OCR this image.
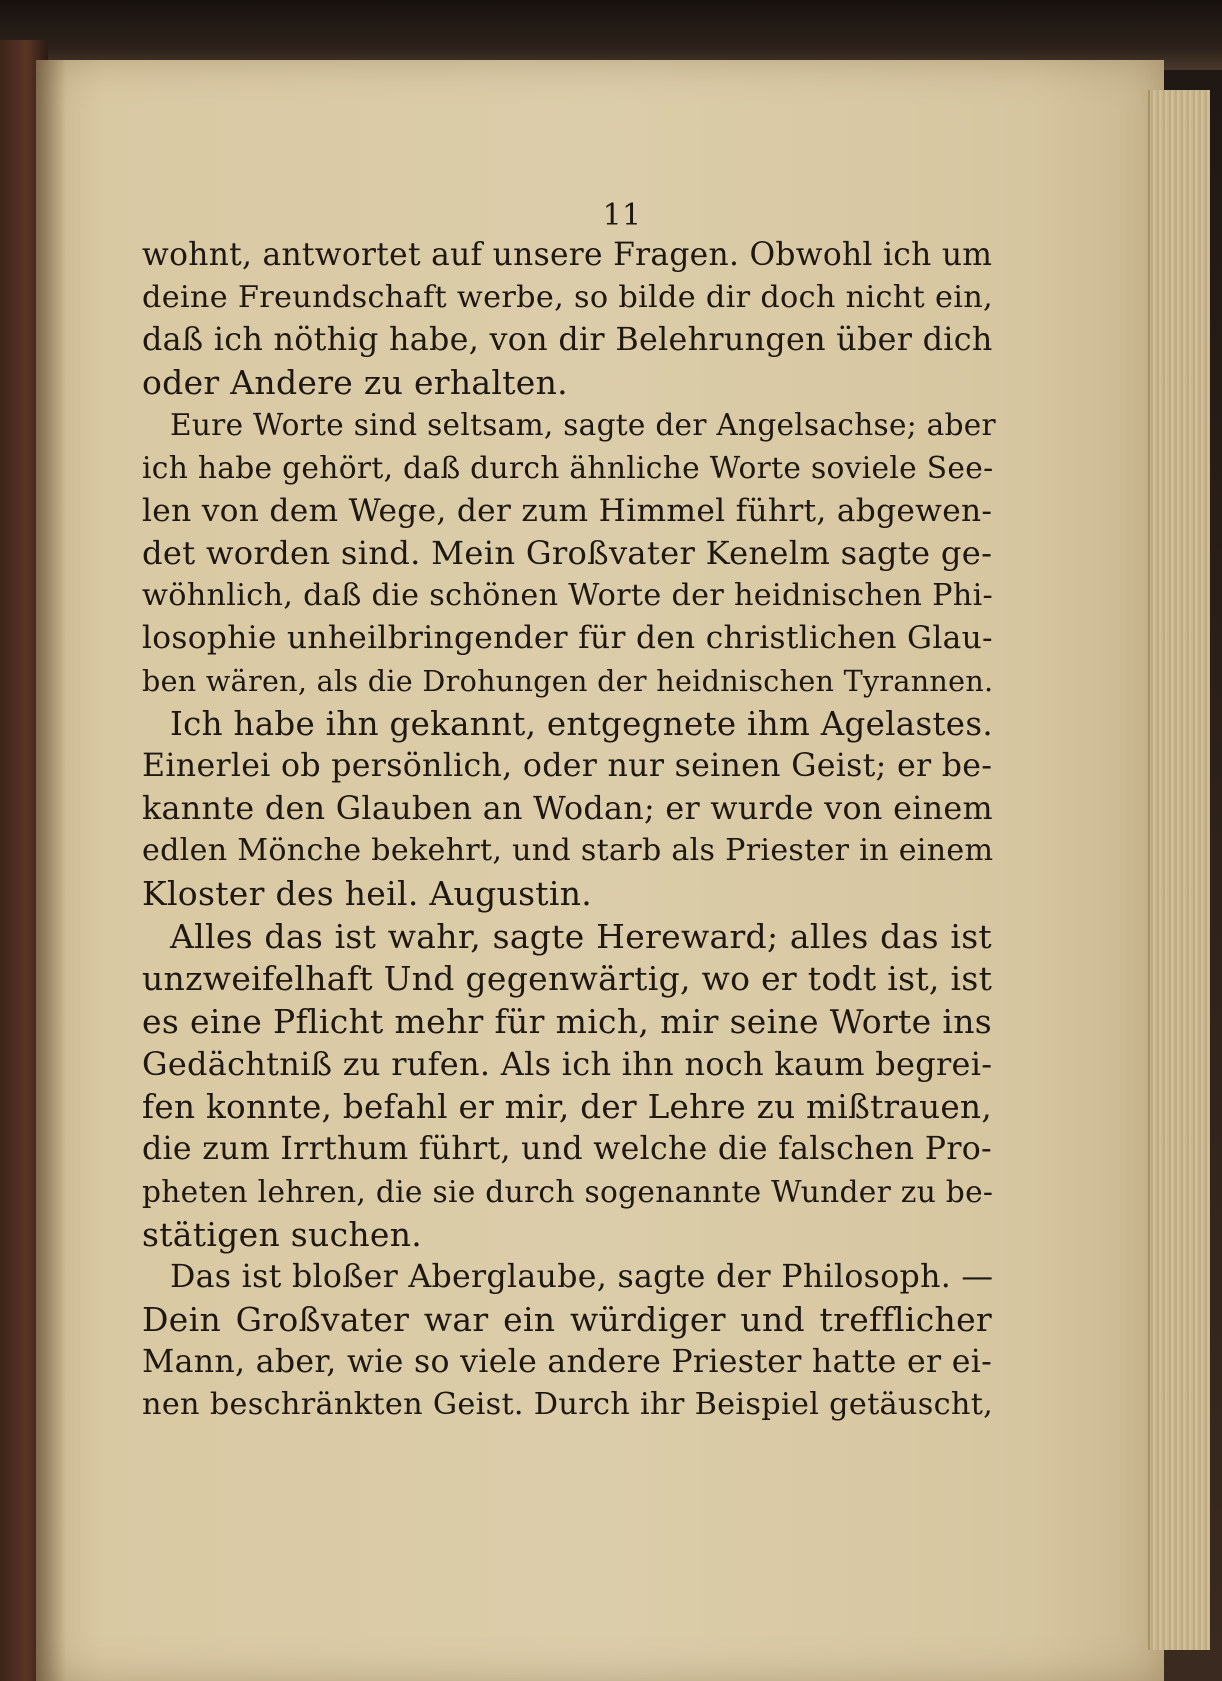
11
wohnt, antwortet auf unsere Fragen. Obwohl ich um
deine Freundschaft werbe, so bilde dir doch nicht ein,
daß ich nöthig habe, von dir Belehrungen über dich
oder Andere zu erhalten.
Eure Worte sind seltsam, sagte der Angelsachse; aber
ich habe gehört, daß durch ähnliche Worte soviele See-
len von dem Wege, der zum Himmel führt, abgewen-
det worden sind. Mein Großvater Kenelm sagte ge-
wöhnlich, daß die schönen Worte der heidnischen Phi-
losophie unheilbringender für den christlichen Glau-
ben wären, als die Drohungen der heidnischen Tyrannen.
Ich habe ihn gekannt, entgegnete ihm Agelastes.
Einerlei ob persönlich, oder nur seinen Geist; er be-
kannte den Glauben an Wodan; er wurde von einem
edlen Mönche bekehrt, und starb als Priester in einem
Kloster des heil. Augustin.
Alles das ist wahr, sagte Hereward; alles das ist
unzweifelhaft Und gegenwärtig, wo er todt ist, ist
es eine Pflicht mehr für mich, mir seine Worte ins
Gedächtniß zu rufen. Als ich ihn noch kaum begrei-
fen konnte, befahl er mir, der Lehre zu mißtrauen,
die zum Irrthum führt, und welche die falschen Pro-
pheten lehren, die sie durch sogenannte Wunder zu be-
stätigen suchen.
Das ist bloßer Aberglaube, sagte der Philosoph. —
Dein Großvater war ein würdiger und trefflicher
Mann, aber, wie so viele andere Priester hatte er ei-
nen beschränkten Geist. Durch ihr Beispiel getäuscht,
